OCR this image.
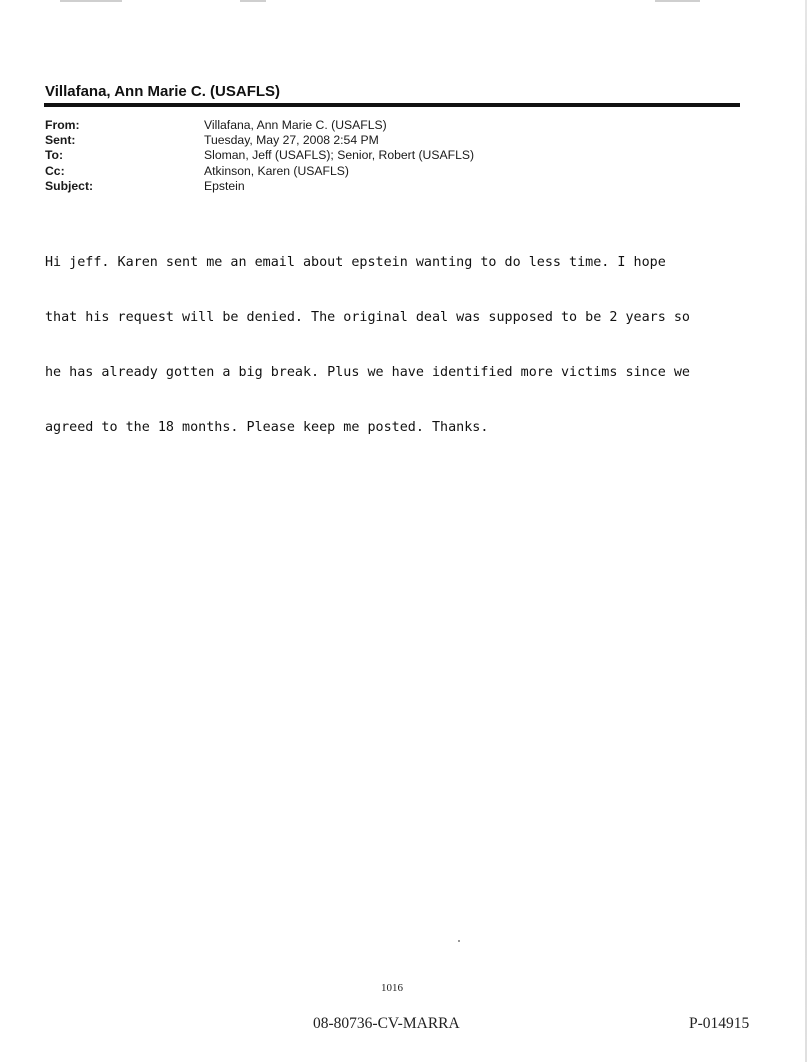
Villafana, Ann Marie C. (USAFLS)
From:	Villafana, Ann Marie C. (USAFLS)
Sent:	Tuesday, May 27, 2008 2:54 PM
To:	Sloman, Jeff (USAFLS); Senior, Robert (USAFLS)
Cc:	Atkinson, Karen (USAFLS)
Subject:	Epstein

Hi jeff. Karen sent me an email about epstein wanting to do less time. I hope

that his request will be denied. The original deal was supposed to be 2 years so

he has already gotten a big break. Plus we have identified more victims since we

agreed to the 18 months. Please keep me posted. Thanks.

1016
08-80736-CV-MARRA	P-014915
